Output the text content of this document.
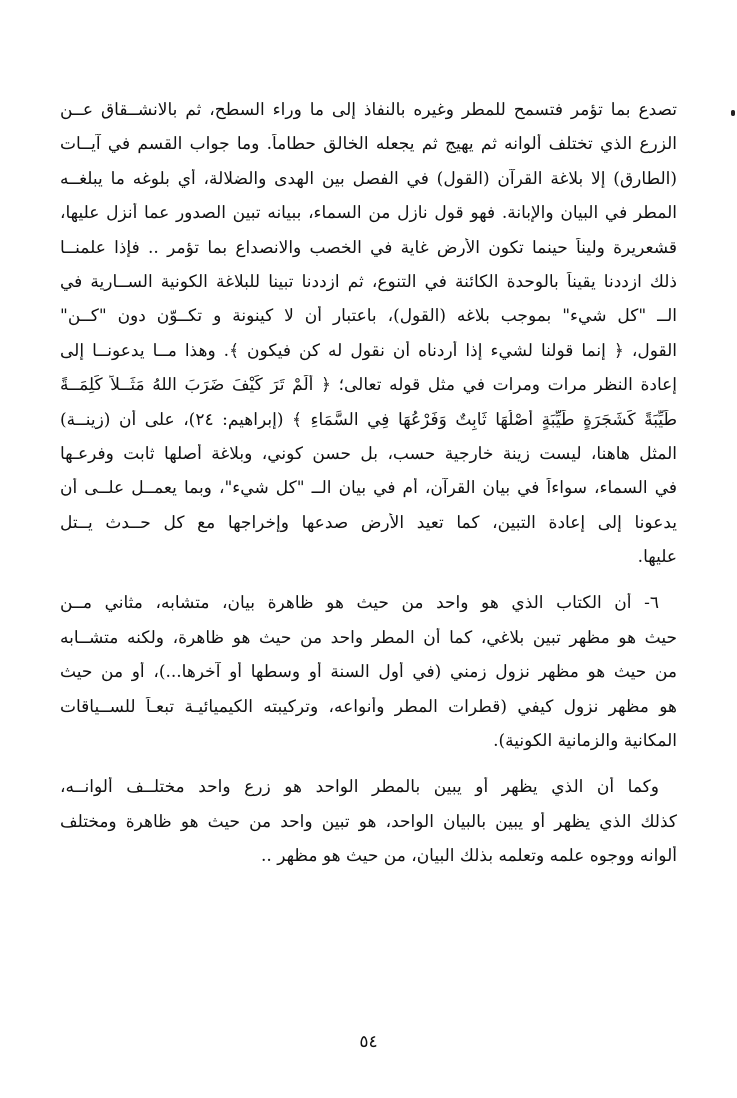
تصدع بما تؤمر فتسمح للمطر وغيره بالنفاذ إلى ما وراء السطح، ثم بالانشــقاق عــن
الزرع الذي تختلف ألوانه ثم يهيج ثم يجعله الخالق حطاماً. وما جواب القسم في آيــات
(الطارق) إلا بلاغة القرآن (القول) في الفصل بين الهدى والضلالة، أي بلوغه ما يبلغــه
المطر في البيان والإبانة. فهو قول نازل من السماء، ببيانه تبين الصدور عما أنزل عليها،
قشعريرة وليناً حينما تكون الأرض غاية في الخصب والانصداع بما تؤمر .. فإذا علمنــا
ذلك ازددنا يقيناً بالوحدة الكائنة في التنوع، ثم ازددنا تبينا للبلاغة الكونية الســارية في
الــ "كل شيء" بموجب بلاغه (القول)، باعتبار أن لا كينونة و تكــوّن دون "كــن"
القول، ﴿ إنما قولنا لشيء إذا أردناه أن نقول له كن فيكون ﴾. وهذا مــا يدعونــا إلى
إعادة النظر مرات ومرات في مثل قوله تعالى؛ ﴿ أَلَمْ تَرَ كَيْفَ ضَرَبَ اللهُ مَثَــلاً كَلِمَــةً
طَيِّبَةً كَشَجَرَةٍ طَيِّبَةٍ أَصْلُهَا ثَابِتٌ وَفَرْعُهَا فِي السَّمَاءِ ﴾ (إبراهيم: ٢٤)، على أن (زينــة)
المثل هاهنا، ليست زينة خارجية حسب، بل حسن كوني، وبلاغة أصلها ثابت وفرعـها
في السماء، سواءاً في بيان القرآن، أم في بيان الــ "كل شيء"، وبما يعمــل علــى أن
يدعونا إلى إعادة التبين، كما تعيد الأرض صدعها وإخراجها مع كل حــدث يــتل
عليها.
٦- أن الكتاب الذي هو واحد من حيث هو ظاهرة بيان، متشابه، مثاني مــن
حيث هو مظهر تبين بلاغي، كما أن المطر واحد من حيث هو ظاهرة، ولكنه متشــابه
من حيث هو مظهر نزول زمني (في أول السنة أو وسطها أو آخرها...)، أو من حيث
هو مظهر نزول كيفي (قطرات المطر وأنواعه، وتركيبته الكيميائيـة تبعـاً للســياقات
المكانية والزمانية الكونية).
وكما أن الذي يظهر أو يبين بالمطر الواحد هو زرع واحد مختلــف ألوانــه،
كذلك الذي يظهر أو يبين بالبيان الواحد، هو تبين واحد من حيث هو ظاهرة ومختلف
ألوانه ووجوه علمه وتعلمه بذلك البيان، من حيث هو مظهر ..
٥٤
